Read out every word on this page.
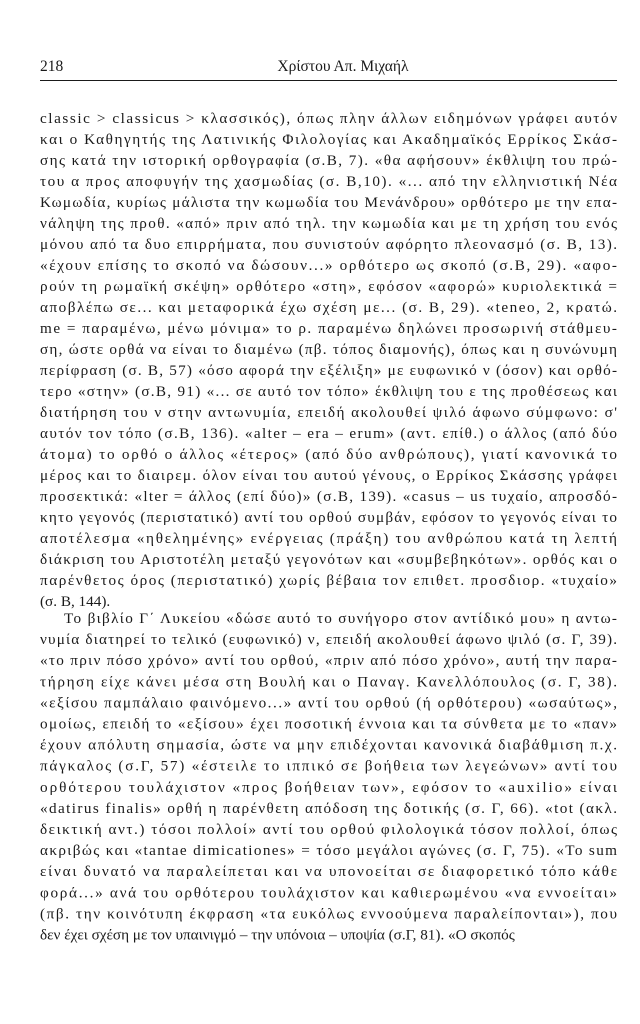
218	Χρίστου Απ. Μιχαήλ
classic > classicus > κλασσικός), όπως πλην άλλων ειδημόνων γράφει αυτόν
και ο Καθηγητής της Λατινικής Φιλολογίας και Ακαδημαϊκός Ερρίκος Σκάσ-
σης κατά την ιστορική ορθογραφία (σ.Β, 7). «θα αφήσουν» έκθλιψη του πρώ-
του α προς αποφυγήν της χασμωδίας (σ. Β,10). «... από την ελληνιστική Νέα
Κωμωδία, κυρίως μάλιστα την κωμωδία του Μενάνδρου» ορθότερο με την επα-
νάληψη της προθ. «από» πριν από τηλ. την κωμωδία και με τη χρήση του ενός
μόνου από τα δυο επιρρήματα, που συνιστούν αφόρητο πλεονασμό (σ. Β, 13).
«έχουν επίσης το σκοπό να δώσουν...» ορθότερο ως σκοπό (σ.Β, 29). «αφο-
ρούν τη ρωμαϊκή σκέψη» ορθότερο «στη», εφόσον «αφορώ» κυριολεκτικά =
αποβλέπω σε... και μεταφορικά έχω σχέση με... (σ. Β, 29). «teneo, 2, κρατώ.
me = παραμένω, μένω μόνιμα» το ρ. παραμένω δηλώνει προσωρινή στάθμευ-
ση, ώστε ορθά να είναι το διαμένω (πβ. τόπος διαμονής), όπως και η συνώνυμη
περίφραση (σ. Β, 57) «όσο αφορά την εξέλιξη» με ευφωνικό ν (όσον) και ορθό-
τερο «στην» (σ.Β, 91) «... σε αυτό τον τόπο» έκθλιψη του ε της προθέσεως και
διατήρηση του ν στην αντωνυμία, επειδή ακολουθεί ψιλό άφωνο σύμφωνο: σ'
αυτόν τον τόπο (σ.Β, 136). «alter – era – erum» (αντ. επίθ.) ο άλλος (από δύο
άτομα) το ορθό ο άλλος «έτερος» (από δύο ανθρώπους), γιατί κανονικά το
μέρος και το διαιρεμ. όλον είναι του αυτού γένους, ο Ερρίκος Σκάσσης γράφει
προσεκτικά: «lter = άλλος (επί δύο)» (σ.Β, 139). «casus – us τυχαίο, απροσδό-
κητο γεγονός (περιστατικό) αντί του ορθού συμβάν, εφόσον το γεγονός είναι το
αποτέλεσμα «ηθελημένης» ενέργειας (πράξη) του ανθρώπου κατά τη λεπτή
διάκριση του Αριστοτέλη μεταξύ γεγονότων και «συμβεβηκότων». ορθός και ο
παρένθετος όρος (περιστατικό) χωρίς βέβαια τον επιθετ. προσδιορ. «τυχαίο»
(σ. Β, 144).
Το βιβλίο Γ΄ Λυκείου «δώσε αυτό το συνήγορο στον αντίδικό μου» η αντω-
νυμία διατηρεί το τελικό (ευφωνικό) ν, επειδή ακολουθεί άφωνο ψιλό (σ. Γ, 39).
«το πριν πόσο χρόνο» αντί του ορθού, «πριν από πόσο χρόνο», αυτή την παρα-
τήρηση είχε κάνει μέσα στη Βουλή και ο Παναγ. Κανελλόπουλος (σ. Γ, 38).
«εξίσου παμπάλαιο φαινόμενο...» αντί του ορθού (ή ορθότερου) «ωσαύτως»,
ομοίως, επειδή το «εξίσου» έχει ποσοτική έννοια και τα σύνθετα με το «παν»
έχουν απόλυτη σημασία, ώστε να μην επιδέχονται κανονικά διαβάθμιση π.χ.
πάγκαλος (σ.Γ, 57) «έστειλε το ιππικό σε βοήθεια των λεγεώνων» αντί του
ορθότερου τουλάχιστον «προς βοήθειαν των», εφόσον το «auxilio» είναι
«datirus finalis» ορθή η παρένθετη απόδοση της δοτικής (σ. Γ, 66). «tot (ακλ.
δεικτική αντ.) τόσοι πολλοί» αντί του ορθού φιλολογικά τόσον πολλοί, όπως
ακριβώς και «tantae dimicationes» = τόσο μεγάλοι αγώνες (σ. Γ, 75). «Το sum
είναι δυνατό να παραλείπεται και να υπονοείται σε διαφορετικό τόπο κάθε
φορά...» ανά του ορθότερου τουλάχιστον και καθιερωμένου «να εννοείται»
(πβ. την κοινότυπη έκφραση «τα ευκόλως εννοούμενα παραλείπονται»), που
δεν έχει σχέση με τον υπαινιγμό – την υπόνοια – υποψία (σ.Γ, 81). «Ο σκοπός
